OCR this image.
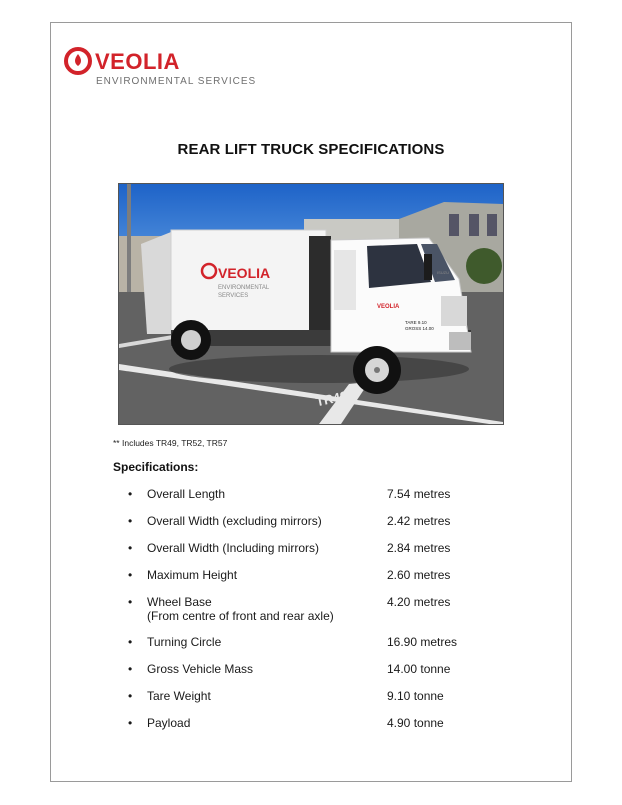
VEOLIA
ENVIRONMENTAL SERVICES
REAR LIFT TRUCK SPECIFICATIONS
VEOLIA
ENVIRONMENTAL
SERVICES
VEOLIA
TARE 9.10
GROSS 14.00
ISUZU
TR49
** Includes TR49, TR52, TR57
Specifications:
• Overall Length	7.54 metres
• Overall Width (excluding mirrors)	2.42 metres
• Overall Width (Including mirrors)	2.84 metres
• Maximum Height	2.60 metres
• Wheel Base
(From centre of front and rear axle)
4.20 metres
• Turning Circle	16.90 metres
• Gross Vehicle Mass	14.00 tonne
• Tare Weight	9.10 tonne
• Payload	4.90 tonne
